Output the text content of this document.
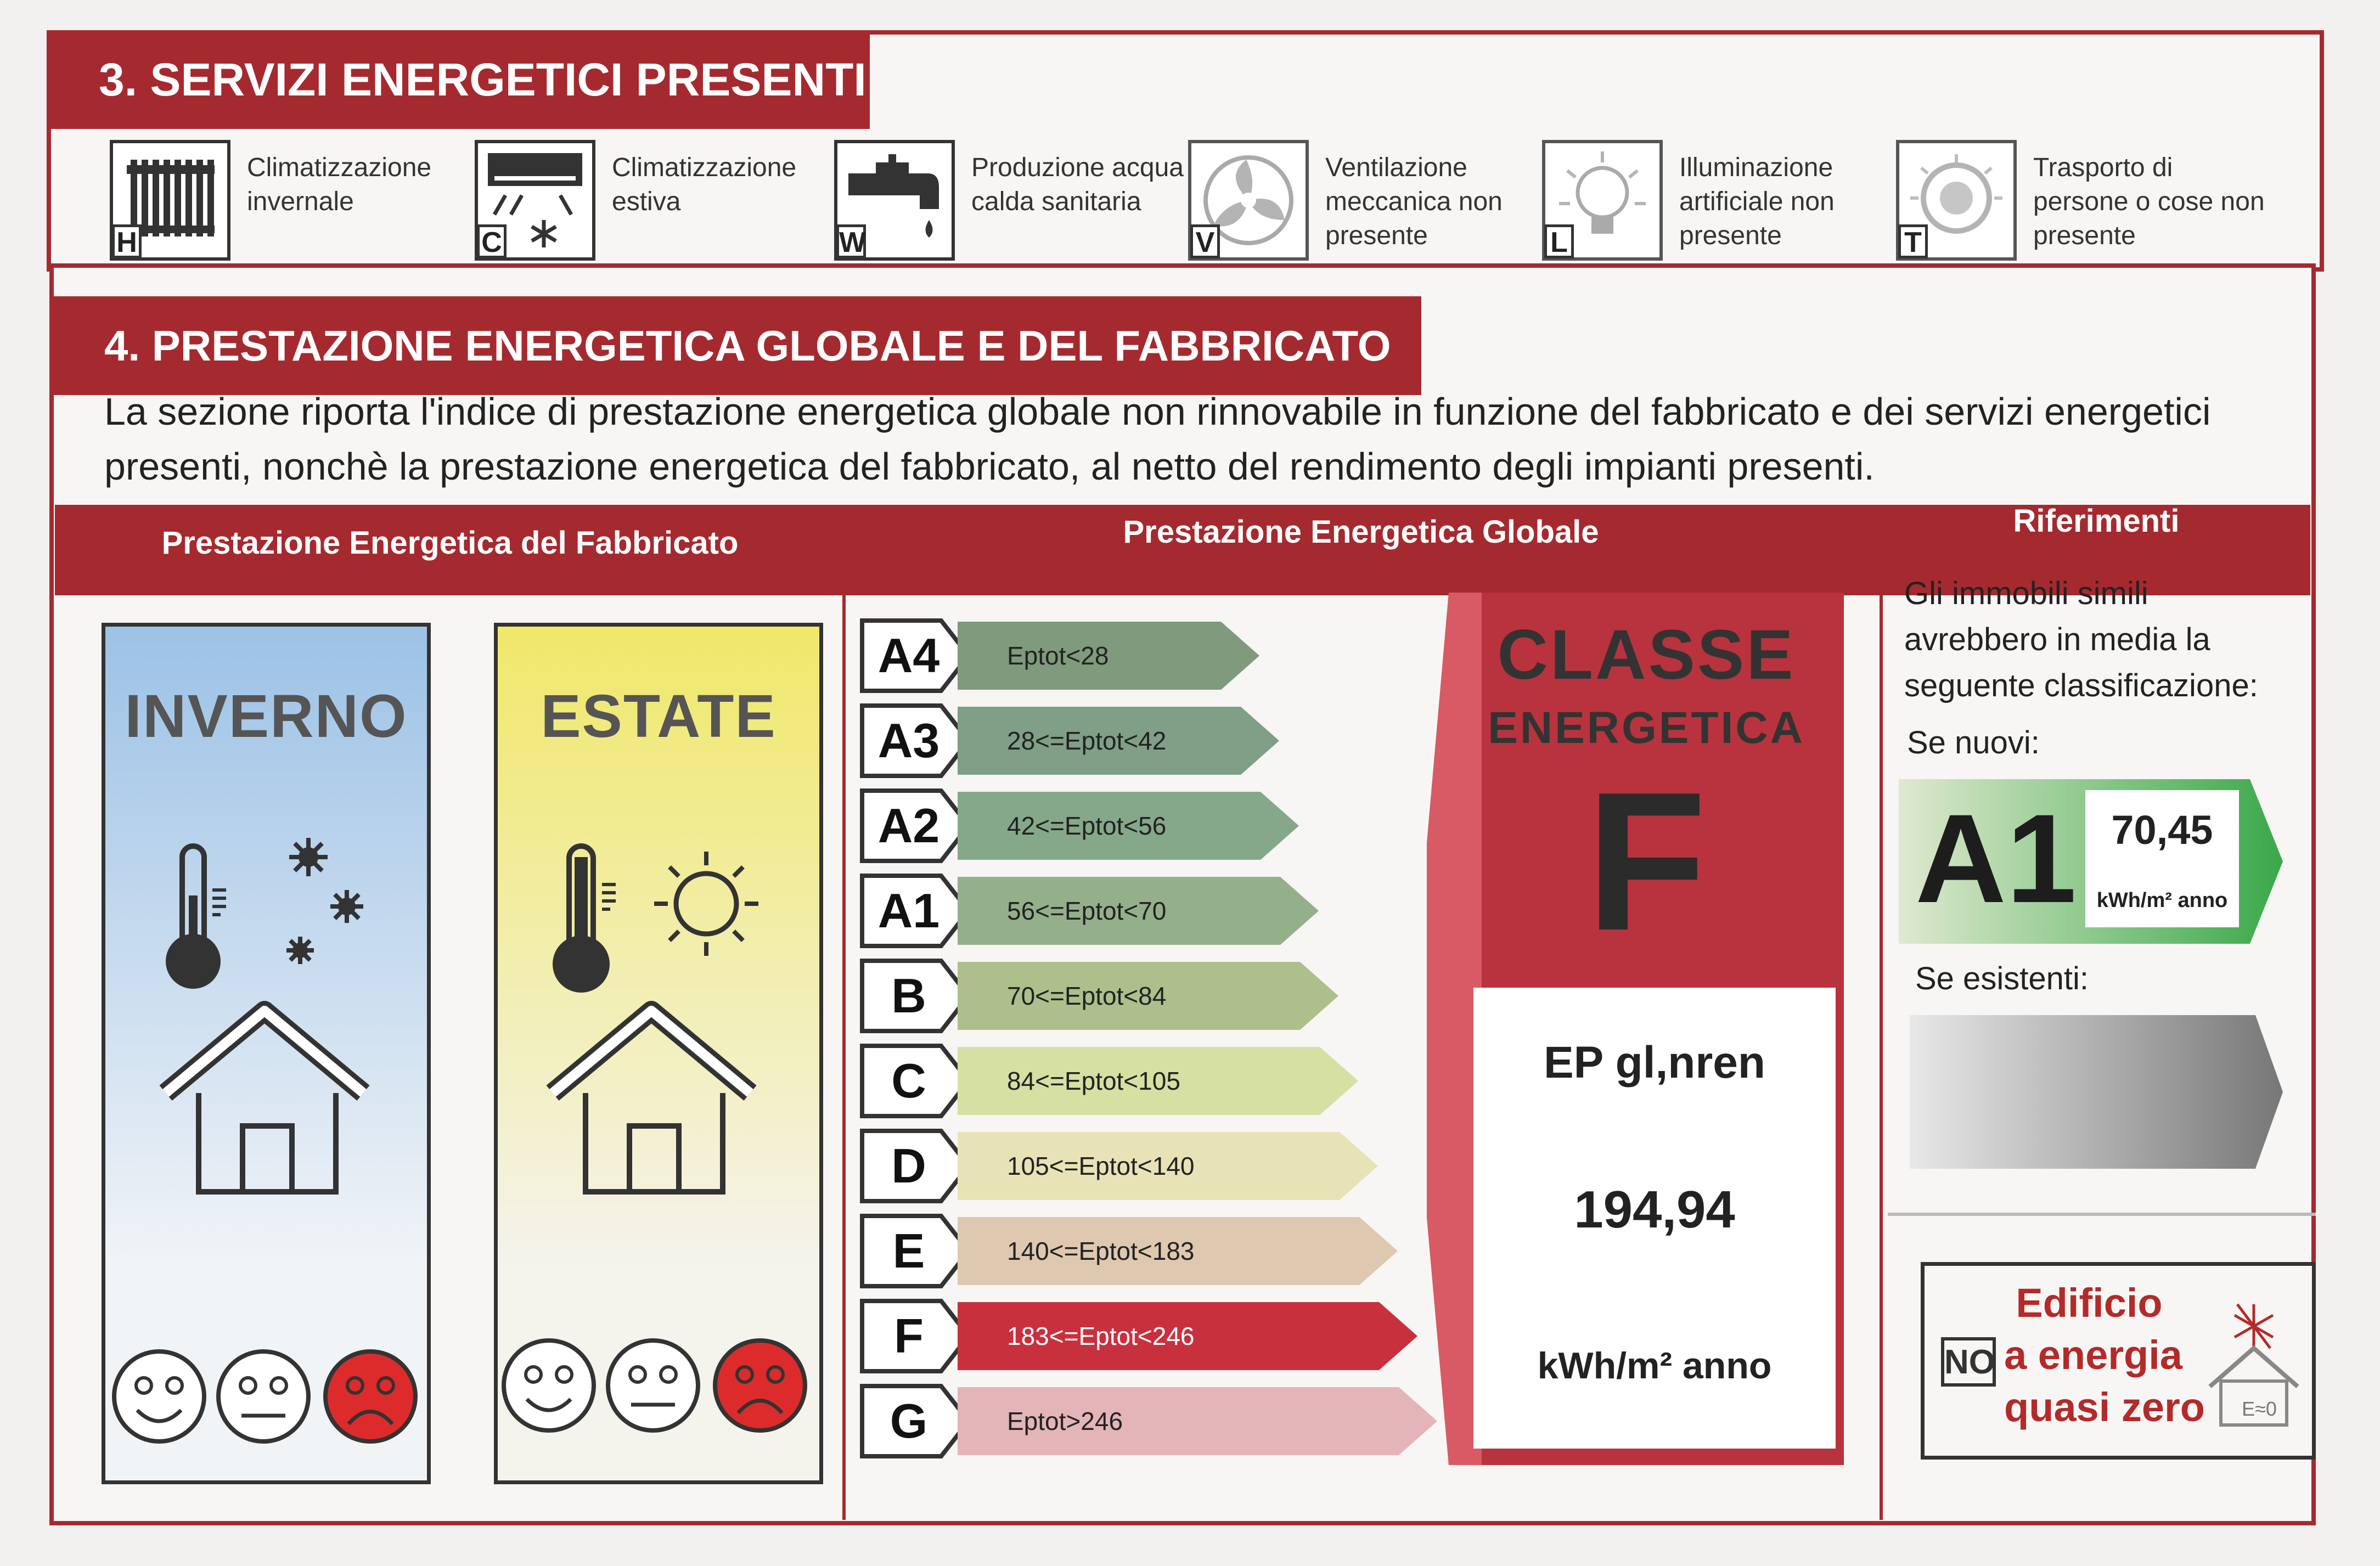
3. SERVIZI ENERGETICI PRESENTI
H
Climatizzazione invernale
C
Climatizzazione estiva
W
Produzione acqua calda sanitaria
V
Ventilazione meccanica non presente	L
Illuminazione artificiale non presente	T
Trasporto di persone o cose non presente
4. PRESTAZIONE ENERGETICA GLOBALE E DEL FABBRICATO
La sezione riporta l'indice di prestazione energetica globale non rinnovabile in funzione del fabbricato e dei servizi energetici presenti, nonchè la prestazione energetica del fabbricato, al netto del rendimento degli impianti presenti.
Prestazione Energetica del Fabbricato	Prestazione Energetica Globale	Riferimenti
INVERNO	ESTATE
A4	Eptot<28
A3	28<=Eptot<42
A2	42<=Eptot<56
A1	56<=Eptot<70
B	70<=Eptot<84
C	84<=Eptot<105
D	105<=Eptot<140
E	140<=Eptot<183
F	183<=Eptot<246
G	Eptot>246
CLASSE
ENERGETICA
F
EP gl,nren
194,94
kWh/m² anno
Gli immobili simili avrebbero in media la seguente classificazione:
Se nuovi:
A1 70,45
kWh/m² anno
Se esistenti:
Edificio
NO a energia
quasi zero	E≈0
